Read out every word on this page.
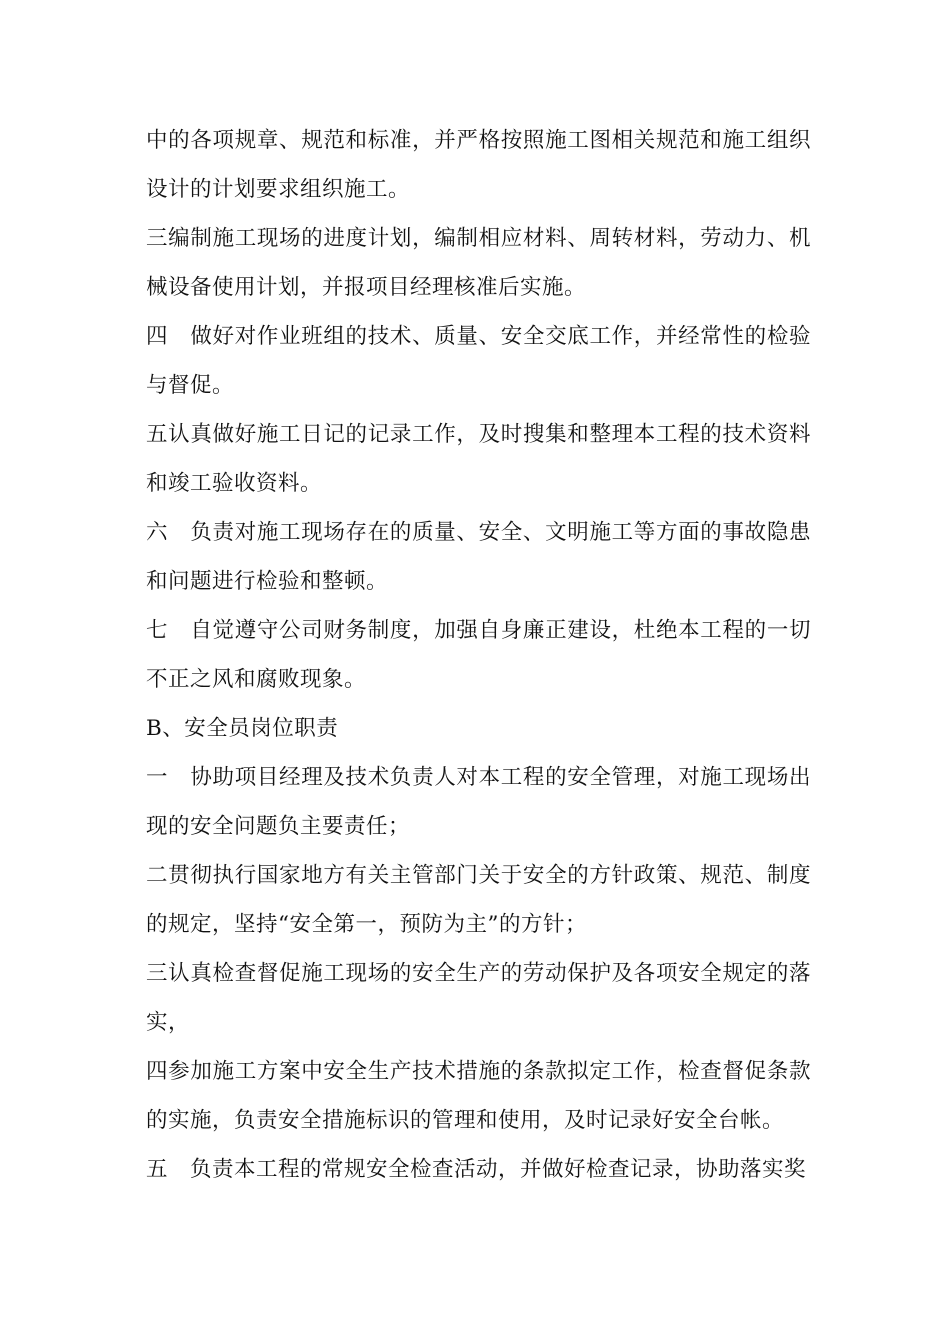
中的各项规章、规范和标准，并严格按照施工图相关规范和施工组织设计的计划要求组织施工。

三编制施工现场的进度计划，编制相应材料、周转材料，劳动力、机械设备使用计划，并报项目经理核准后实施。

四　做好对作业班组的技术、质量、安全交底工作，并经常性的检验与督促。

五认真做好施工日记的记录工作，及时搜集和整理本工程的技术资料和竣工验收资料。

六　负责对施工现场存在的质量、安全、文明施工等方面的事故隐患和问题进行检验和整顿。

七　自觉遵守公司财务制度，加强自身廉正建设，杜绝本工程的一切不正之风和腐败现象。

B、安全员岗位职责

一　协助项目经理及技术负责人对本工程的安全管理，对施工现场出现的安全问题负主要责任；

二贯彻执行国家地方有关主管部门关于安全的方针政策、规范、制度的规定，坚持“安全第一，预防为主”的方针；

三认真检查督促施工现场的安全生产的劳动保护及各项安全规定的落实，

四参加施工方案中安全生产技术措施的条款拟定工作，检查督促条款的实施，负责安全措施标识的管理和使用，及时记录好安全台帐。

五　负责本工程的常规安全检查活动，并做好检查记录，协助落实奖
